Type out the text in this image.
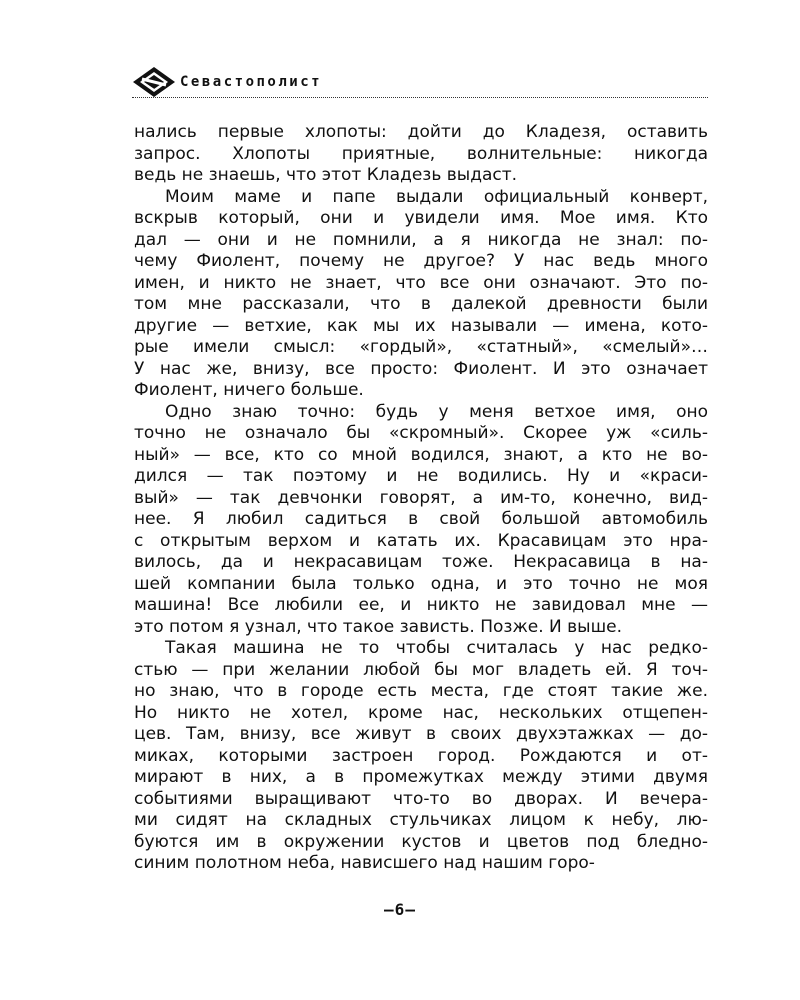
Севастополист
нались первые хлопоты: дойти до Кладезя, оставить
запрос. Хлопоты приятные, волнительные: никогда
ведь не знаешь, что этот Кладезь выдаст.
Моим маме и папе выдали официальный конверт,
вскрыв который, они и увидели имя. Мое имя. Кто
дал — они и не помнили, а я никогда не знал: по-
чему Фиолент, почему не другое? У нас ведь много
имен, и никто не знает, что все они означают. Это по-
том мне рассказали, что в далекой древности были
другие — ветхие, как мы их называли — имена, кото-
рые имели смысл: «гордый», «статный», «смелый»…
У нас же, внизу, все просто: Фиолент. И это означает
Фиолент, ничего больше.
Одно знаю точно: будь у меня ветхое имя, оно
точно не означало бы «скромный». Скорее уж «силь-
ный» — все, кто со мной водился, знают, а кто не во-
дился — так поэтому и не водились. Ну и «краси-
вый» — так девчонки говорят, а им-то, конечно, вид-
нее. Я любил садиться в свой большой автомобиль
с открытым верхом и катать их. Красавицам это нра-
вилось, да и некрасавицам тоже. Некрасавица в на-
шей компании была только одна, и это точно не моя
машина! Все любили ее, и никто не завидовал мне —
это потом я узнал, что такое зависть. Позже. И выше.
Такая машина не то чтобы считалась у нас редко-
стью — при желании любой бы мог владеть ей. Я точ-
но знаю, что в городе есть места, где стоят такие же.
Но никто не хотел, кроме нас, нескольких отщепен-
цев. Там, внизу, все живут в своих двухэтажках — до-
миках, которыми застроен город. Рождаются и от-
мирают в них, а в промежутках между этими двумя
событиями выращивают что-то во дворах. И вечера-
ми сидят на складных стульчиках лицом к небу, лю-
буются им в окружении кустов и цветов под бледно-
синим полотном неба, нависшего над нашим горо-
–6–
